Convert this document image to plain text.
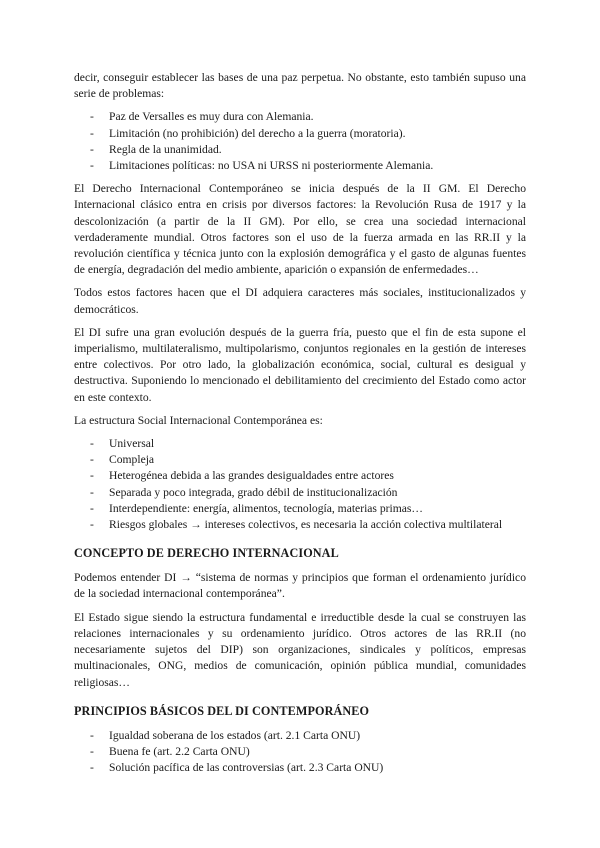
decir, conseguir establecer las bases de una paz perpetua. No obstante, esto también supuso una serie de problemas:

- Paz de Versalles es muy dura con Alemania.
- Limitación (no prohibición) del derecho a la guerra (moratoria).
- Regla de la unanimidad.
- Limitaciones políticas: no USA ni URSS ni posteriormente Alemania.

El Derecho Internacional Contemporáneo se inicia después de la II GM. El Derecho Internacional clásico entra en crisis por diversos factores: la Revolución Rusa de 1917 y la descolonización (a partir de la II GM). Por ello, se crea una sociedad internacional verdaderamente mundial. Otros factores son el uso de la fuerza armada en las RR.II y la revolución científica y técnica junto con la explosión demográfica y el gasto de algunas fuentes de energía, degradación del medio ambiente, aparición o expansión de enfermedades…

Todos estos factores hacen que el DI adquiera caracteres más sociales, institucionalizados y democráticos.

El DI sufre una gran evolución después de la guerra fría, puesto que el fin de esta supone el imperialismo, multilateralismo, multipolarismo, conjuntos regionales en la gestión de intereses entre colectivos. Por otro lado, la globalización económica, social, cultural es desigual y destructiva. Suponiendo lo mencionado el debilitamiento del crecimiento del Estado como actor en este contexto.

La estructura Social Internacional Contemporánea es:

- Universal
- Compleja
- Heterogénea debida a las grandes desigualdades entre actores
- Separada y poco integrada, grado débil de institucionalización
- Interdependiente: energía, alimentos, tecnología, materias primas…
- Riesgos globales → intereses colectivos, es necesaria la acción colectiva multilateral
CONCEPTO DE DERECHO INTERNACIONAL

Podemos entender DI → “sistema de normas y principios que forman el ordenamiento jurídico de la sociedad internacional contemporánea”.

El Estado sigue siendo la estructura fundamental e irreductible desde la cual se construyen las relaciones internacionales y su ordenamiento jurídico. Otros actores de las RR.II (no necesariamente sujetos del DIP) son organizaciones, sindicales y políticos, empresas multinacionales, ONG, medios de comunicación, opinión pública mundial, comunidades religiosas…

PRINCIPIOS BÁSICOS DEL DI CONTEMPORÁNEO
- Igualdad soberana de los estados (art. 2.1 Carta ONU)
- Buena fe (art. 2.2 Carta ONU)
- Solución pacífica de las controversias (art. 2.3 Carta ONU)
